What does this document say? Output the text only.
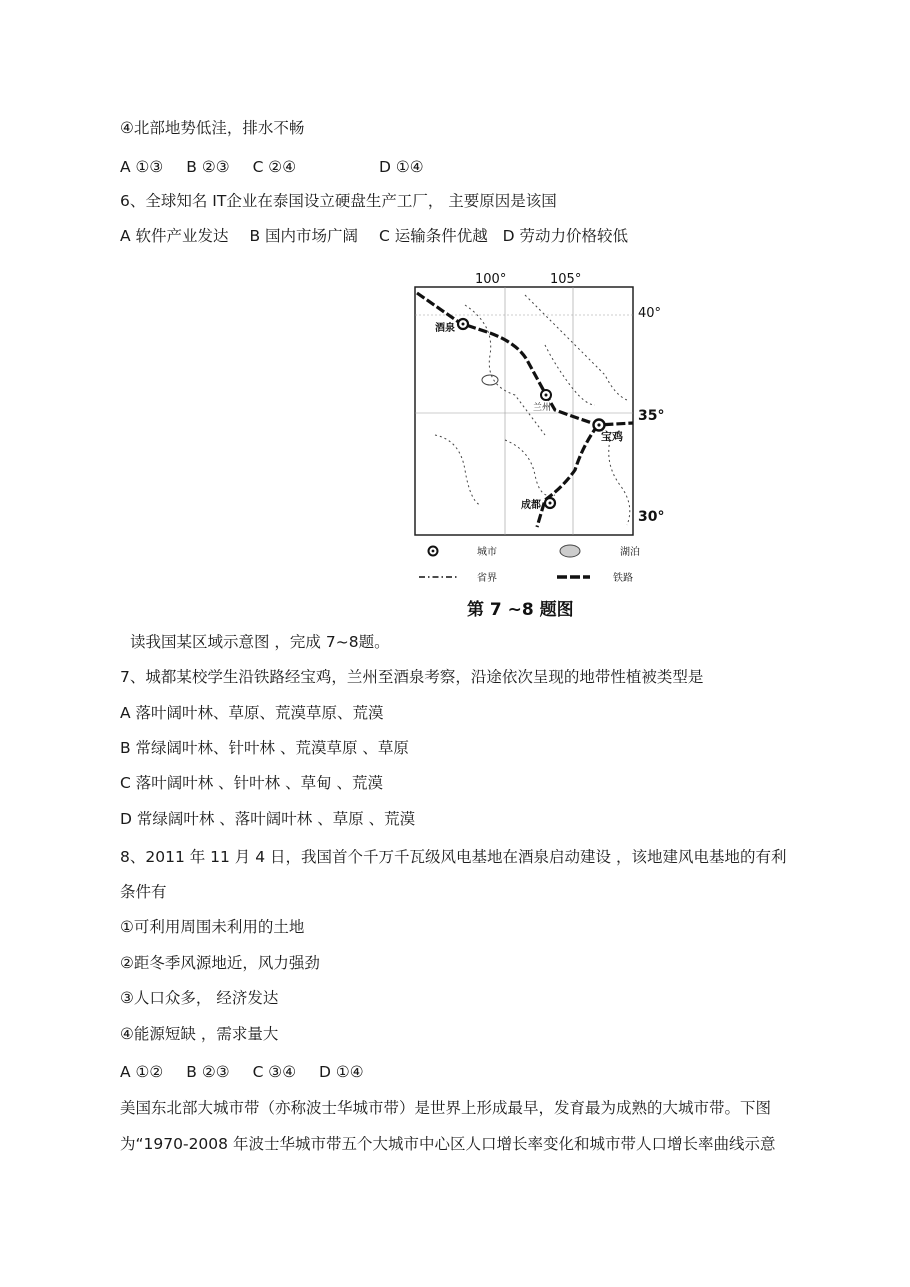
④北部地势低洼，排水不畅
A ①③ B ②③ C ②④	D ①④
6、全球知名 IT企业在泰国设立硬盘生产工厂， 主要原因是该国
A 软件产业发达 B 国内市场广阔 C 运输条件优越 D 劳动力价格较低
100°	105°
40°
35°
30°
酒泉
兰州
宝鸡
成都
城市	湖泊
省界	铁路
第 7 ~8 题图
读我国某区域示意图 ，完成 7~8题。
7、城都某校学生沿铁路经宝鸡，兰州至酒泉考察，沿途依次呈现的地带性植被类型是
A 落叶阔叶林、草原、荒漠草原、荒漠
B 常绿阔叶林、针叶林 、荒漠草原 、草原
C 落叶阔叶林 、针叶林 、草甸 、荒漠
D 常绿阔叶林 、落叶阔叶林 、草原 、荒漠
8、2011 年 11 月 4 日，我国首个千万千瓦级风电基地在酒泉启动建设 ，该地建风电基地的有利
条件有
①可利用周围未利用的土地
②距冬季风源地近，风力强劲
③人口众多， 经济发达
④能源短缺 ，需求量大
A ①② B ②③ C ③④ D ①④
美国东北部大城市带（亦称波士华城市带）是世界上形成最早，发育最为成熟的大城市带。下图
为“1970-2008 年波士华城市带五个大城市中心区人口增长率变化和城市带人口增长率曲线示意
